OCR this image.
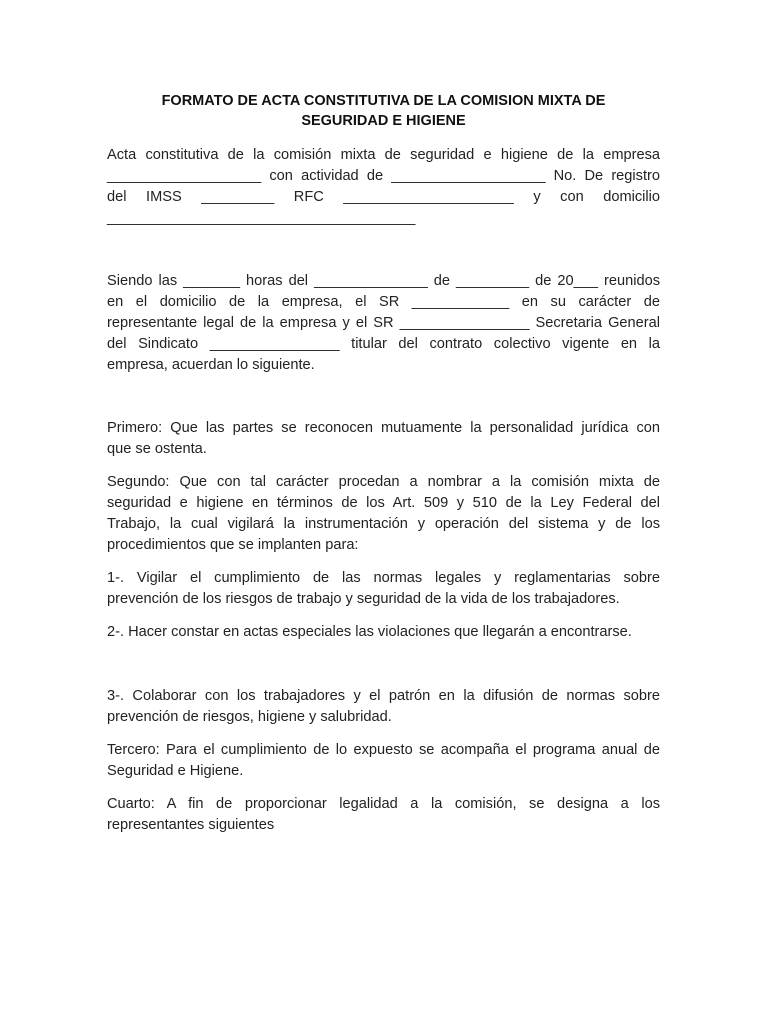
FORMATO DE ACTA CONSTITUTIVA DE LA COMISION MIXTA DE
SEGURIDAD E HIGIENE

Acta constitutiva de la comisión mixta de seguridad e higiene de la empresa
___________________ con actividad de ___________________ No. De registro
del IMSS _________ RFC _____________________ y con domicilio
______________________________________

Siendo las _______ horas del ______________ de _________ de 20___ reunidos
en el domicilio de la empresa, el SR ____________ en su carácter de
representante legal de la empresa y el SR ________________ Secretaria General
del Sindicato ________________ titular del contrato colectivo vigente en la
empresa, acuerdan lo siguiente.

Primero: Que las partes se reconocen mutuamente la personalidad jurídica con
que se ostenta.

Segundo: Que con tal carácter procedan a nombrar a la comisión mixta de
seguridad e higiene en términos de los Art. 509 y 510 de la Ley Federal del
Trabajo, la cual vigilará la instrumentación y operación del sistema y de los
procedimientos que se implanten para:

1-. Vigilar el cumplimiento de las normas legales y reglamentarias sobre
prevención de los riesgos de trabajo y seguridad de la vida de los trabajadores.

2-. Hacer constar en actas especiales las violaciones que llegarán a encontrarse.

3-. Colaborar con los trabajadores y el patrón en la difusión de normas sobre
prevención de riesgos, higiene y salubridad.

Tercero: Para el cumplimiento de lo expuesto se acompaña el programa anual de
Seguridad e Higiene.

Cuarto: A fin de proporcionar legalidad a la comisión, se designa a los
representantes siguientes
